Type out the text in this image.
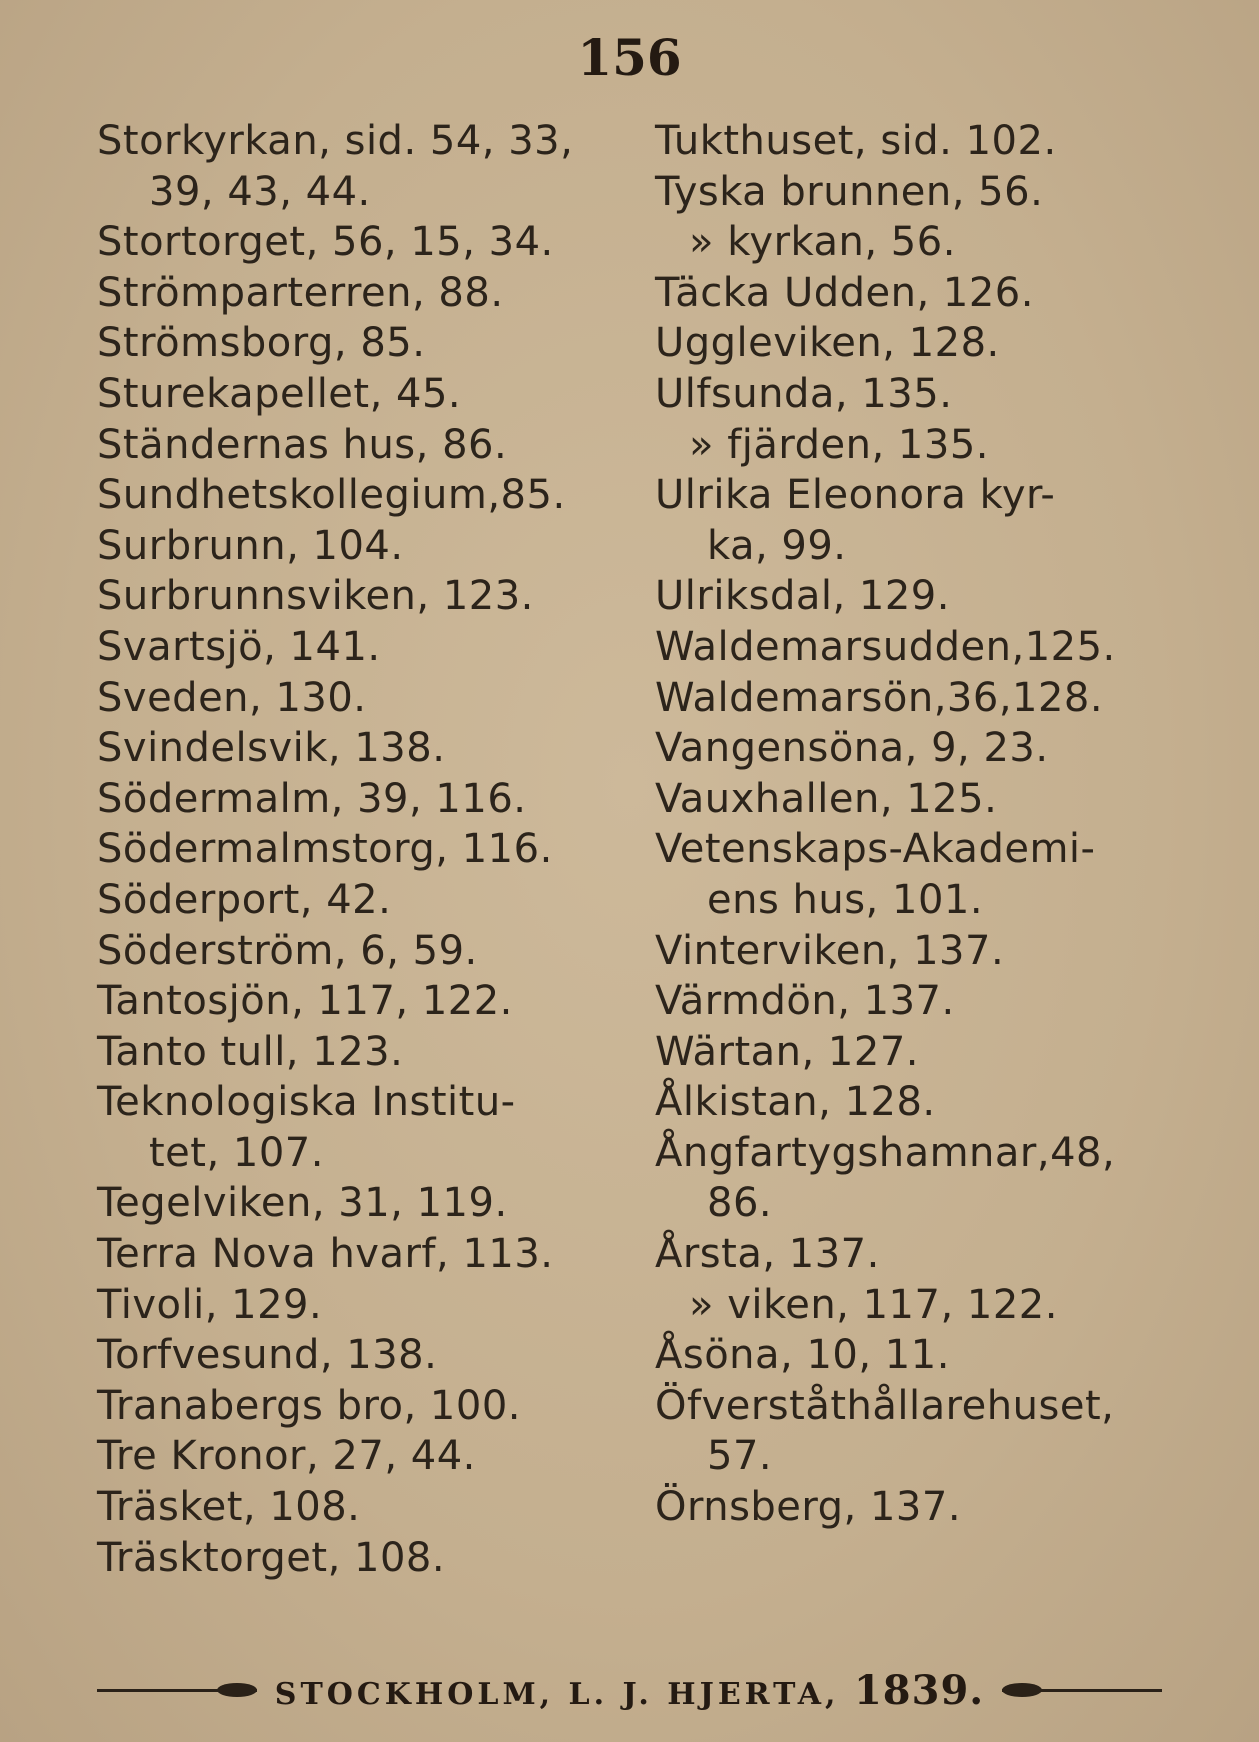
156
Storkyrkan, sid. 54, 33,
39, 43, 44.
Stortorget, 56, 15, 34.
Strömparterren, 88.
Strömsborg, 85.
Sturekapellet, 45.
Ständernas hus, 86.
Sundhetskollegium,85.
Surbrunn, 104.
Surbrunnsviken, 123.
Svartsjö, 141.
Sveden, 130.
Svindelsvik, 138.
Södermalm, 39, 116.
Södermalmstorg, 116.
Söderport, 42.
Söderström, 6, 59.
Tantosjön, 117, 122.
Tanto tull, 123.
Teknologiska Institu-
tet, 107.
Tegelviken, 31, 119.
Terra Nova hvarf, 113.
Tivoli, 129.
Torfvesund, 138.
Tranabergs bro, 100.
Tre Kronor, 27, 44.
Träsket, 108.
Träsktorget, 108.
Tukthuset, sid. 102.
Tyska brunnen, 56.
» kyrkan, 56.
Täcka Udden, 126.
Uggleviken, 128.
Ulfsunda, 135.
» fjärden, 135.
Ulrika Eleonora kyr-
ka, 99.
Ulriksdal, 129.
Waldemarsudden,125.
Waldemarsön,36,128.
Vangensöna, 9, 23.
Vauxhallen, 125.
Vetenskaps-Akademi-
ens hus, 101.
Vinterviken, 137.
Värmdön, 137.
Wärtan, 127.
Ålkistan, 128.
Ångfartygshamnar,48,
86.
Årsta, 137.
» viken, 117, 122.
Åsöna, 10, 11.
Öfverståthållarehuset,
57.
Örnsberg, 137.
STOCKHOLM, L. J. HJERTA, 1839.
